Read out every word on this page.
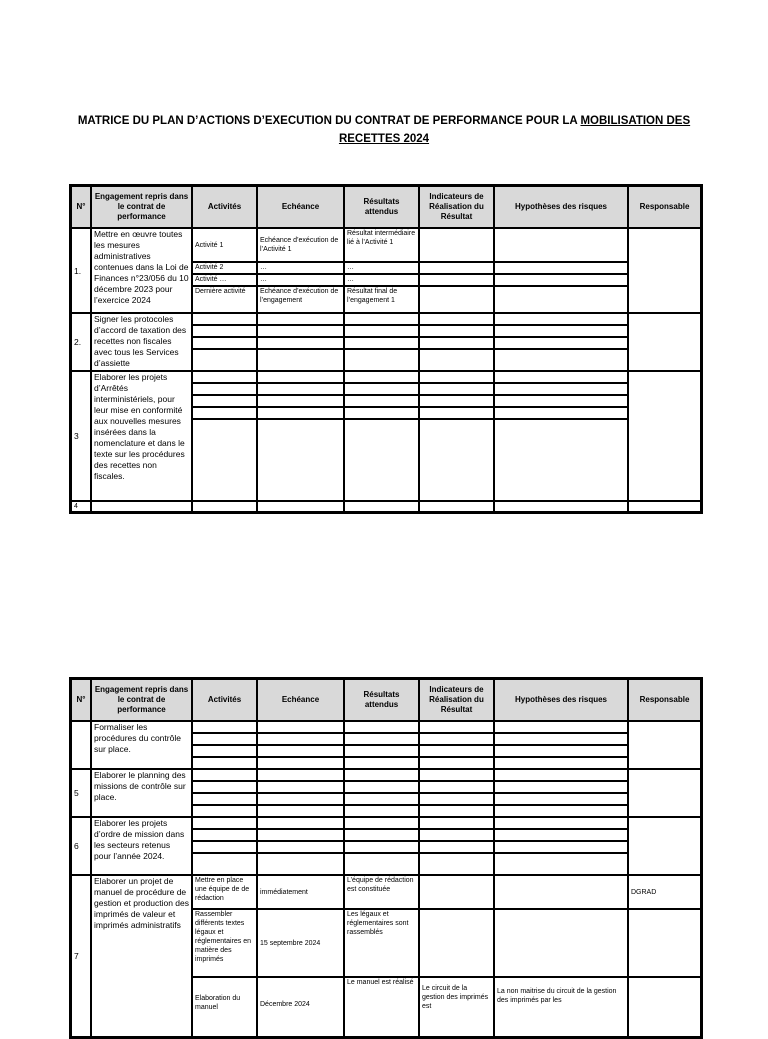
MATRICE DU PLAN D’ACTIONS D’EXECUTION DU CONTRAT DE PERFORMANCE POUR LA MOBILISATION DES
RECETTES 2024
N°	Engagement repris dans le contrat de performance	Activités	Echéance	Résultats attendus	Indicateurs de Réalisation du Résultat	Hypothèses des risques	Responsable
1.	Mettre en œuvre toutes les mesures administratives contenues dans la Loi de Finances n°23/056 du 10 décembre 2023 pour l’exercice 2024	Activité 1	Echéance d’exécution de l’Activité 1	Résultat intermédiaire lié à l’Activité 1			
		Activité 2	…	…			
		Activité …	…	…			
		Dernière activité	Echéance d’exécution de l’engagement	Résultat final de l’engagement 1			
2.	Signer les protocoles d’accord de taxation des recettes non fiscales avec tous les Services d’assiette						

3	Elaborer les projets d’Arrêtés interministériels, pour leur mise en conformité aux nouvelles mesures insérées dans la nomenclature et dans le texte sur les procédures des recettes non fiscales.						

4							
N°	Engagement repris dans le contrat de performance	Activités	Echéance	Résultats attendus	Indicateurs de Réalisation du Résultat	Hypothèses des risques	Responsable
	Formaliser les procédures du contrôle sur place.						

5	Elaborer le planning des missions de contrôle sur place.						

6	Elaborer les projets d’ordre de mission dans les secteurs retenus pour l’année 2024.						

7	Elaborer un projet de manuel de procédure de gestion et production des imprimés de valeur et imprimés administratifs	Mettre en place une équipe de de rédaction	immédiatement	L’équipe de rédaction est constituée			DGRAD
		Rassembler différents textes légaux et réglementaires en matière des imprimés	15 septembre 2024	Les légaux et réglementaires sont rassemblés			
		Elaboration du manuel	Décembre 2024	Le manuel est réalisé	Le circuit de la gestion des imprimés est	La non maitrise du circuit de la gestion des imprimés par les	
